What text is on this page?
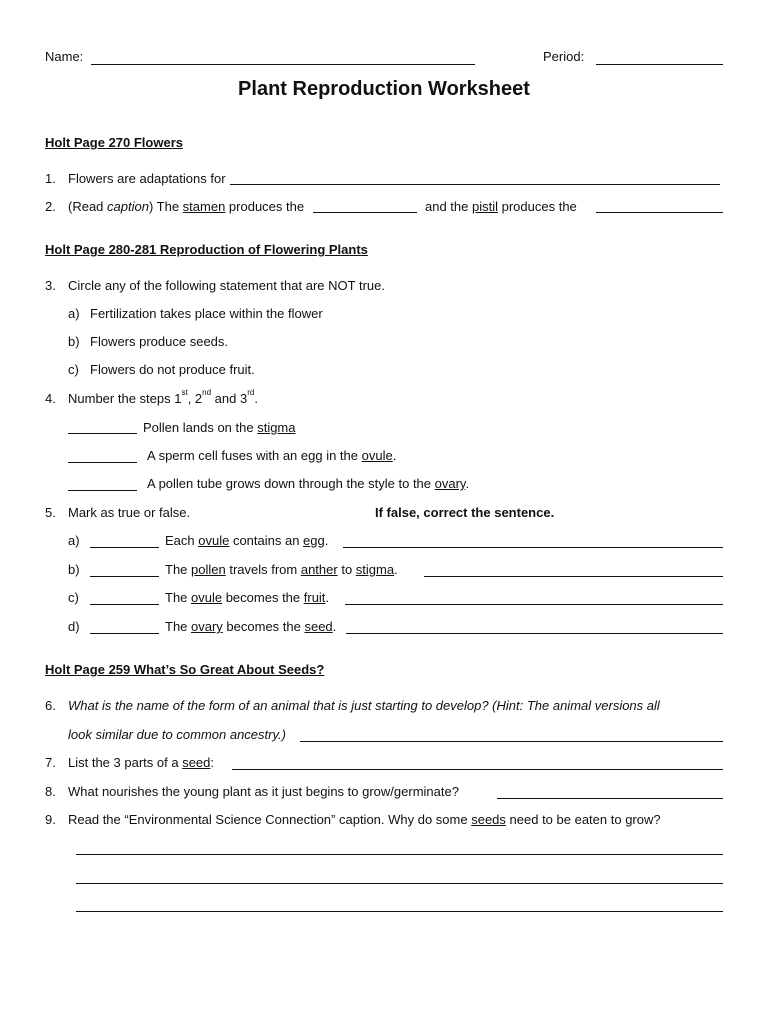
Name:	Period:
Plant Reproduction Worksheet
Holt Page 270 Flowers
1. Flowers are adaptations for
2. (Read caption) The stamen produces the	and the pistil produces the
Holt Page 280-281 Reproduction of Flowering Plants
3. Circle any of the following statement that are NOT true.
a) Fertilization takes place within the flower
b) Flowers produce seeds.
c) Flowers do not produce fruit.
4. Number the steps 1st, 2nd and 3rd.
Pollen lands on the stigma
A sperm cell fuses with an egg in the ovule.
A pollen tube grows down through the style to the ovary.
5. Mark as true or false.	If false, correct the sentence.
a)	Each ovule contains an egg.
b)	The pollen travels from anther to stigma.
c)	The ovule becomes the fruit.
d)	The ovary becomes the seed.
Holt Page 259 What’s So Great About Seeds?
6. What is the name of the form of an animal that is just starting to develop? (Hint: The animal versions all
look similar due to common ancestry.)
7. List the 3 parts of a seed:
8. What nourishes the young plant as it just begins to grow/germinate?
9. Read the “Environmental Science Connection” caption. Why do some seeds need to be eaten to grow?
